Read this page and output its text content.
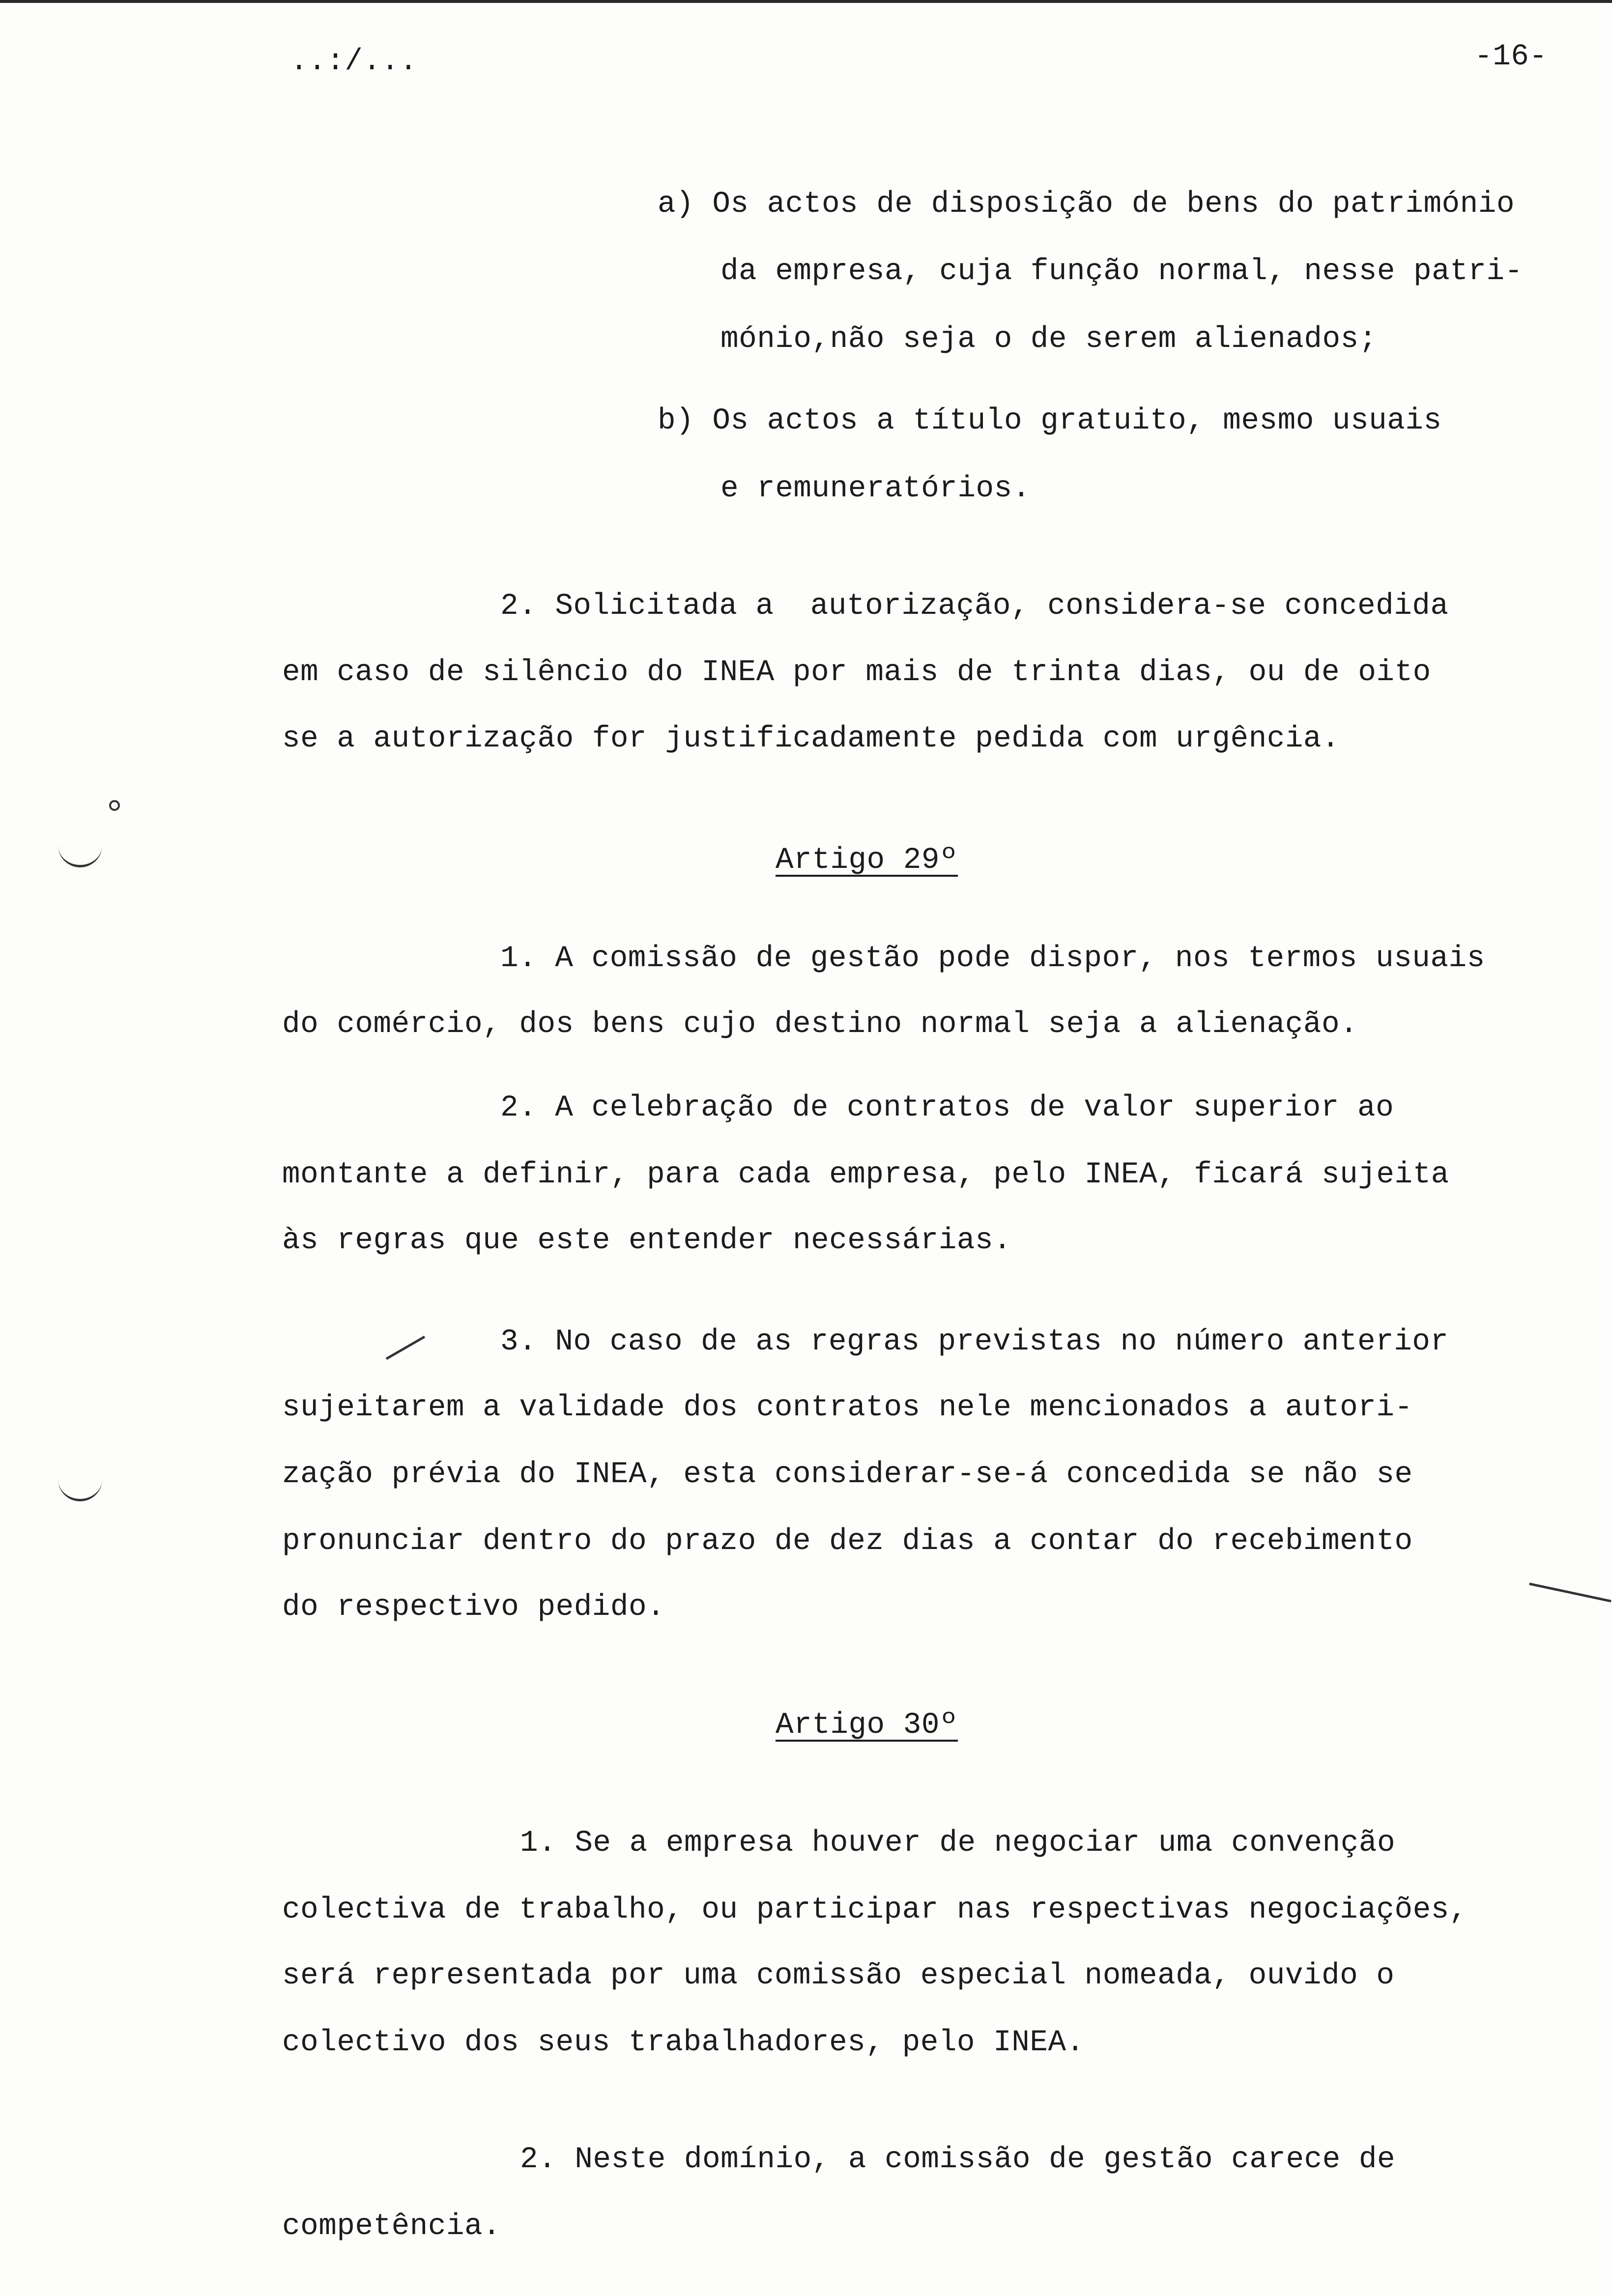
..:/...	-16-
a) Os actos de disposição de bens do património
da empresa, cuja função normal, nesse patri-
mónio,não seja o de serem alienados;
b) Os actos a título gratuito, mesmo usuais
e remuneratórios.
2. Solicitada a  autorização, considera-se concedida
em caso de silêncio do INEA por mais de trinta dias, ou de oito
se a autorização for justificadamente pedida com urgência.
Artigo 29º
1. A comissão de gestão pode dispor, nos termos usuais
do comércio, dos bens cujo destino normal seja a alienação.
2. A celebração de contratos de valor superior ao
montante a definir, para cada empresa, pelo INEA, ficará sujeita
às regras que este entender necessárias.
3. No caso de as regras previstas no número anterior
sujeitarem a validade dos contratos nele mencionados a autori-
zação prévia do INEA, esta considerar-se-á concedida se não se
pronunciar dentro do prazo de dez dias a contar do recebimento
do respectivo pedido.
Artigo 30º
1. Se a empresa houver de negociar uma convenção
colectiva de trabalho, ou participar nas respectivas negociações,
será representada por uma comissão especial nomeada, ouvido o
colectivo dos seus trabalhadores, pelo INEA.
2. Neste domínio, a comissão de gestão carece de
competência.
